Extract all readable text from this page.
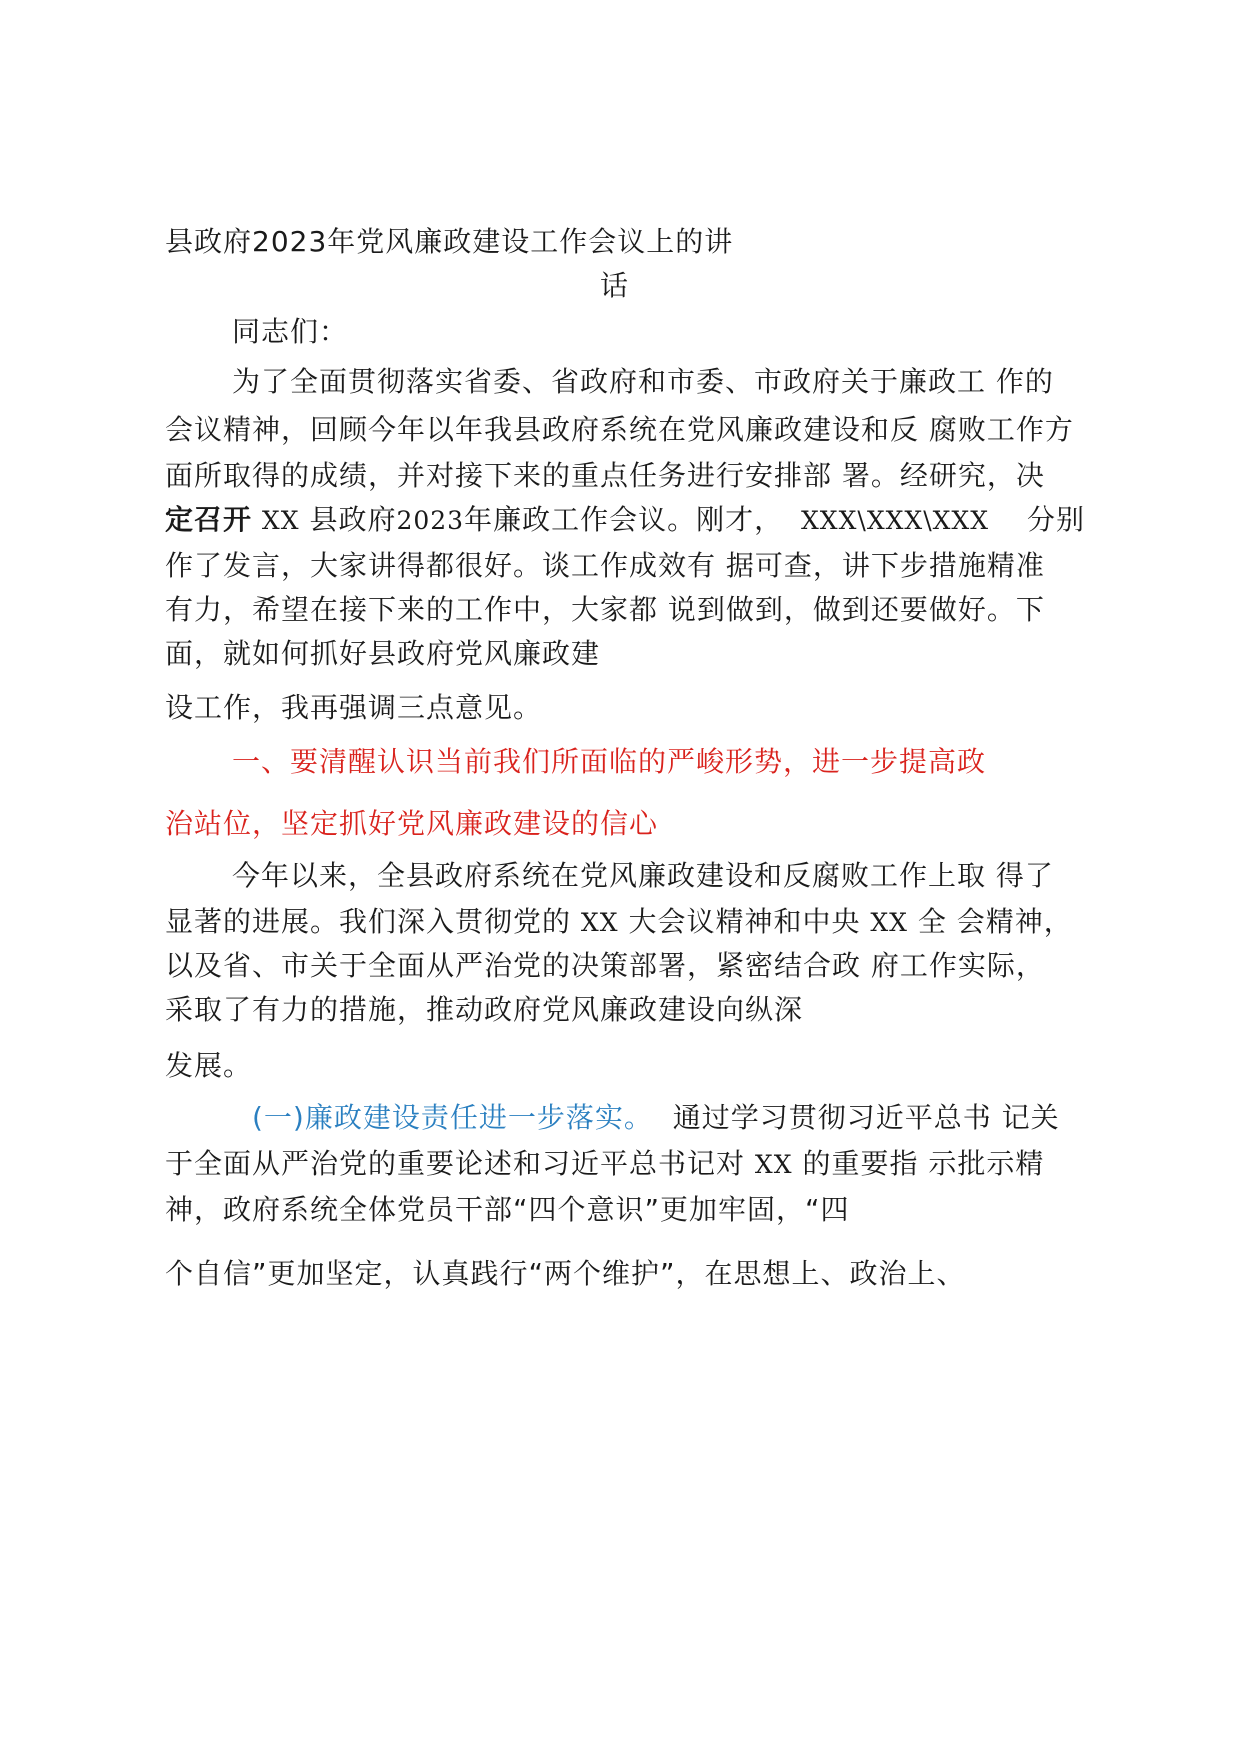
县政府2023年党风廉政建设工作会议上的讲
话
同志们：
为了全面贯彻落实省委、省政府和市委、市政府关于廉政工 作的
会议精神，回顾今年以年我县政府系统在党风廉政建设和反 腐败工作方
面所取得的成绩，并对接下来的重点任务进行安排部 署。经研究，决
定召开 XX 县政府2023年廉政工作会议。刚才， XXX\XXX\XXX 分别
作了发言，大家讲得都很好。谈工作成效有 据可查，讲下步措施精准
有力，希望在接下来的工作中，大家都 说到做到，做到还要做好。下
面，就如何抓好县政府党风廉政建
设工作，我再强调三点意见。
一、要清醒认识当前我们所面临的严峻形势，进一步提高政
治站位，坚定抓好党风廉政建设的信心
今年以来，全县政府系统在党风廉政建设和反腐败工作上取 得了
显著的进展。我们深入贯彻党的 XX 大会议精神和中央 XX 全 会精神，
以及省、市关于全面从严治党的决策部署，紧密结合政 府工作实际，
采取了有力的措施，推动政府党风廉政建设向纵深
发展。
(一)廉政建设责任进一步落实。 通过学习贯彻习近平总书 记关
于全面从严治党的重要论述和习近平总书记对 XX 的重要指 示批示精
神，政府系统全体党员干部“四个意识”更加牢固，“四
个自信”更加坚定，认真践行“两个维护”，在思想上、政治上、
